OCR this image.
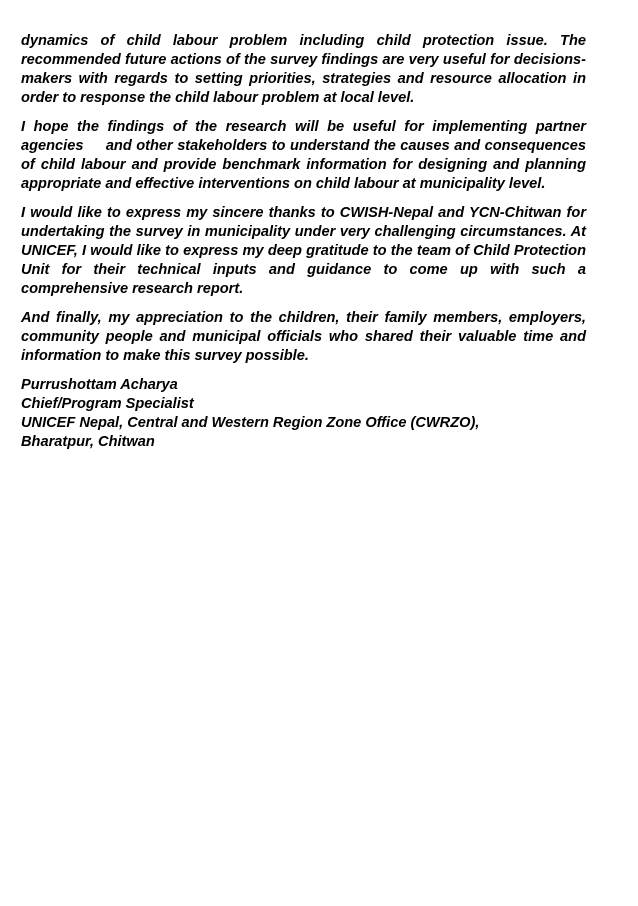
dynamics of child labour problem including child protection issue. The recommended future actions of the survey findings are very useful for decisions-makers with regards to setting priorities, strategies and resource allocation in order to response the child labour problem at local level.

I hope the findings of the research will be useful for implementing partner agencies     and other stakeholders to understand the causes and consequences of child labour and provide benchmark information for designing and planning appropriate and effective interventions on child labour at municipality level.

I would like to express my sincere thanks to CWISH-Nepal and YCN-Chitwan for undertaking the survey in municipality under very challenging circumstances. At UNICEF, I would like to express my deep gratitude to the team of Child Protection Unit for their technical inputs and guidance to come up with such a comprehensive research report.

And finally, my appreciation to the children, their family members, employers, community people and municipal officials who shared their valuable time and information to make this survey possible.

Purrushottam Acharya
Chief/Program Specialist
UNICEF Nepal, Central and Western Region Zone Office (CWRZO),
Bharatpur, Chitwan
